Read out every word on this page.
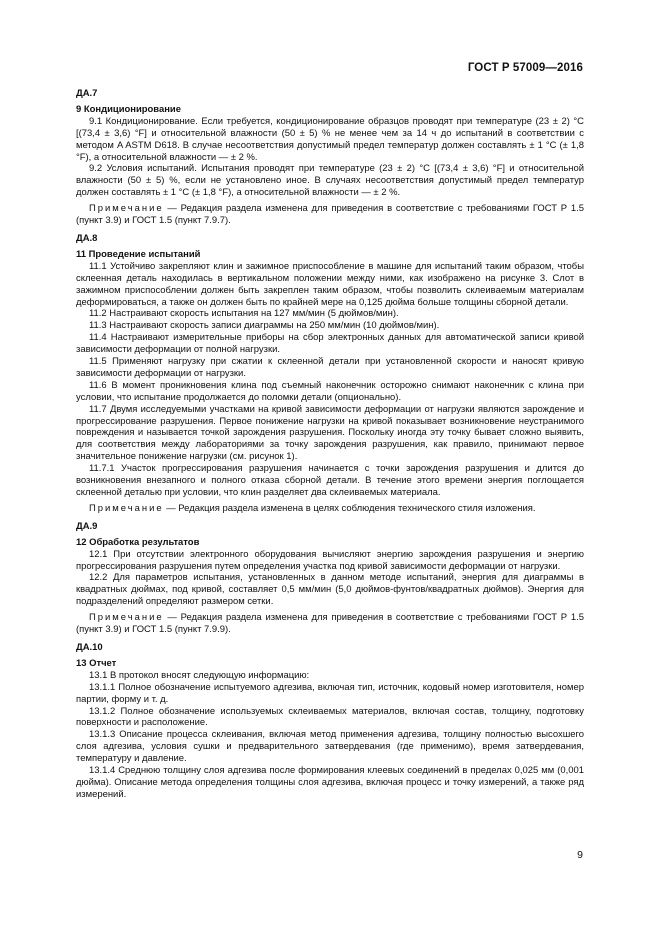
ГОСТ Р 57009—2016
ДА.7
9 Кондиционирование

9.1 Кондиционирование. Если требуется, кондиционирование образцов проводят при температуре (23 ± 2) °С [(73,4 ± 3,6) °F] и относительной влажности (50 ± 5) % не менее чем за 14 ч до испытаний в соответствии с методом A ASTM D618. В случае несоответствия допустимый предел температур должен составлять ± 1 °С (± 1,8 °F), а относительной влажности — ± 2 %.

9.2 Условия испытаний. Испытания проводят при температуре (23 ± 2) °С [(73,4 ± 3,6) °F] и относительной влажности (50 ± 5) %, если не установлено иное. В случаях несоответствия допустимый предел температур должен составлять ± 1 °С (± 1,8 °F), а относительной влажности — ± 2 %.

Примечание — Редакция раздела изменена для приведения в соответствие с требованиями ГОСТ Р 1.5 (пункт 3.9) и ГОСТ 1.5 (пункт 7.9.7).

ДА.8
11 Проведение испытаний

11.1 Устойчиво закрепляют клин и зажимное приспособление в машине для испытаний таким образом, чтобы склеенная деталь находилась в вертикальном положении между ними, как изображено на рисунке 3. Слот в зажимном приспособлении должен быть закреплен таким образом, чтобы позволить склеиваемым материалам деформироваться, а также он должен быть по крайней мере на 0,125 дюйма больше толщины сборной детали.

11.2 Настраивают скорость испытания на 127 мм/мин (5 дюймов/мин).

11.3 Настраивают скорость записи диаграммы на 250 мм/мин (10 дюймов/мин).

11.4 Настраивают измерительные приборы на сбор электронных данных для автоматической записи кривой зависимости деформации от полной нагрузки.

11.5 Применяют нагрузку при сжатии к склеенной детали при установленной скорости и наносят кривую зависимости деформации от нагрузки.

11.6 В момент проникновения клина под съемный наконечник осторожно снимают наконечник с клина при условии, что испытание продолжается до поломки детали (опционально).

11.7 Двумя исследуемыми участками на кривой зависимости деформации от нагрузки являются зарождение и прогрессирование разрушения. Первое понижение нагрузки на кривой показывает возникновение неустранимого повреждения и называется точкой зарождения разрушения. Поскольку иногда эту точку бывает сложно выявить, для соответствия между лабораториями за точку зарождения разрушения, как правило, принимают первое значительное понижение нагрузки (см. рисунок 1).

11.7.1 Участок прогрессирования разрушения начинается с точки зарождения разрушения и длится до возникновения внезапного и полного отказа сборной детали. В течение этого времени энергия поглощается склеенной деталью при условии, что клин разделяет два склеиваемых материала.

Примечание — Редакция раздела изменена в целях соблюдения технического стиля изложения.

ДА.9
12 Обработка результатов

12.1 При отсутствии электронного оборудования вычисляют энергию зарождения разрушения и энергию прогрессирования разрушения путем определения участка под кривой зависимости деформации от нагрузки.

12.2 Для параметров испытания, установленных в данном методе испытаний, энергия для диаграммы в квадратных дюймах, под кривой, составляет 0,5 мм/мин (5,0 дюймов-фунтов/квадратных дюймов). Энергия для подразделений определяют размером сетки.

Примечание — Редакция раздела изменена для приведения в соответствие с требованиями ГОСТ Р 1.5 (пункт 3.9) и ГОСТ 1.5 (пункт 7.9.9).

ДА.10
13 Отчет

13.1 В протокол вносят следующую информацию:

13.1.1 Полное обозначение испытуемого адгезива, включая тип, источник, кодовый номер изготовителя, номер партии, форму и т. д.

13.1.2 Полное обозначение используемых склеиваемых материалов, включая состав, толщину, подготовку поверхности и расположение.

13.1.3 Описание процесса склеивания, включая метод применения адгезива, толщину полностью высохшего слоя адгезива, условия сушки и предварительного затвердевания (где применимо), время затвердевания, температуру и давление.

13.1.4 Среднюю толщину слоя адгезива после формирования клеевых соединений в пределах 0,025 мм (0,001 дюйма). Описание метода определения толщины слоя адгезива, включая процесс и точку измерений, а также ряд измерений.

9
